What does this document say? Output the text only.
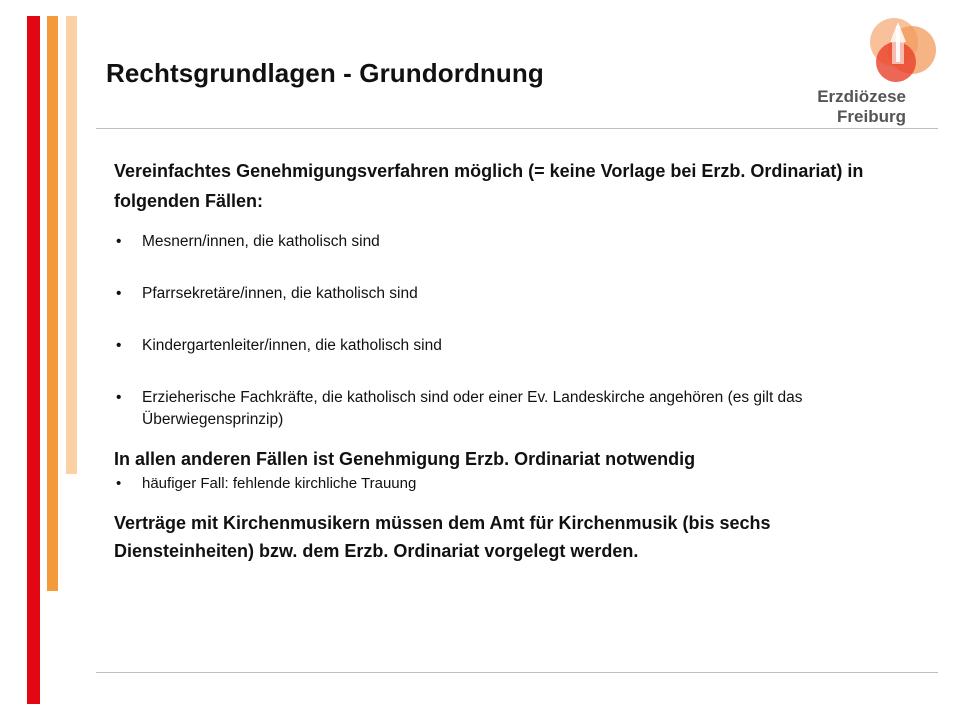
Rechtsgrundlagen - Grundordnung
Erzdiözese
Freiburg

Vereinfachtes Genehmigungsverfahren möglich (= keine Vorlage bei Erzb. Ordinariat) in folgenden Fällen:

• Mesnern/innen, die katholisch sind
• Pfarrsekretäre/innen, die katholisch sind
• Kindergartenleiter/innen, die katholisch sind
• Erzieherische Fachkräfte, die katholisch sind oder einer Ev. Landeskirche angehören (es gilt das Überwiegensprinzip)

In allen anderen Fällen ist Genehmigung Erzb. Ordinariat notwendig

• häufiger Fall: fehlende kirchliche Trauung

Verträge mit Kirchenmusikern müssen dem Amt für Kirchenmusik (bis sechs Diensteinheiten) bzw. dem Erzb. Ordinariat vorgelegt werden.
